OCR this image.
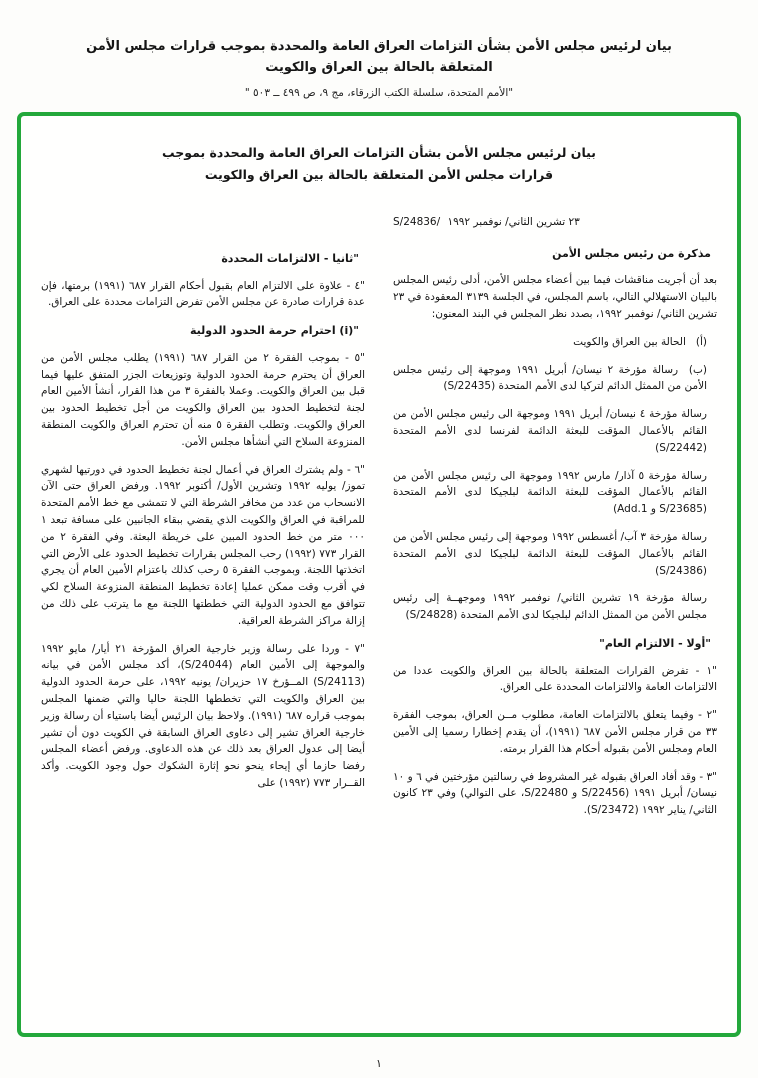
بيان لرئيس مجلس الأمن بشأن التزامات العراق العامة والمحددة بموجب قرارات مجلس الأمن
المتعلقة بالحالة بين العراق والكويت
"الأمم المتحدة، سلسلة الكتب الزرقاء، مج ٩، ص ٤٩٩ ــ ٥٠٣ "
بيان لرئيس مجلس الأمن بشأن التزامات العراق العامة والمحددة بموجب
قرارات مجلس الأمن المتعلقة بالحالة بين العراق والكويت
S/24836/ ٢٣ تشرين الثاني/ نوفمبر ١٩٩٢
مذكرة من رئيس مجلس الأمن

بعد أن أجريت مناقشات فيما بين أعضاء مجلس الأمن، أدلى رئيس المجلس بالبيان الاستهلالي التالي، باسم المجلس، في الجلسة ٣١٣٩ المعقودة في ٢٣ تشرين الثاني/ نوفمبر ١٩٩٢، بصدد نظر المجلس في البند المعنون:

(أ)   الحالة بين العراق والكويت

(ب)  رسالة مؤرخة ٢ نيسان/ أبريل ١٩٩١ وموجهة إلى رئيس مجلس الأمن من الممثل الدائم لتركيا لدى الأمم المتحدة (S/22435)

رسالة مؤرخة ٤ نيسان/ أبريل ١٩٩١ وموجهة الى رئيس مجلس الأمن من القائم بالأعمال المؤقت للبعثة الدائمة لفرنسا لدى الأمم المتحدة (S/22442)

رسالة مؤرخة ٥ آذار/ مارس ١٩٩٢ وموجهة الى رئيس مجلس الأمن من القائم بالأعمال المؤقت للبعثة الدائمة لبلجيكا لدى الأمم المتحدة (S/23685 و Add.1)

رسالة مؤرخة ٣ آب/ أغسطس ١٩٩٢ وموجهة إلى رئيس مجلس الأمن من القائم بالأعمال المؤقت للبعثة الدائمة لبلجيكا لدى الأمم المتحدة (S/24386)

رسالة مؤرخة ١٩ تشرين الثاني/ نوفمبر ١٩٩٢ وموجهــة إلى رئيس مجلس الأمن من الممثل الدائم لبلجيكا لدى الأمم المتحدة (S/24828)

"أولا - الالتزام العام"

"١ - تفرض القرارات المتعلقة بالحالة بين العراق والكويت عددا من الالتزامات العامة والالتزامات المحددة على العراق.

"٢ - وفيما يتعلق بالالتزامات العامة، مطلوب مــن العراق، بموجب الفقرة ٣٣ من قرار مجلس الأمن ٦٨٧ (١٩٩١)، أن يقدم إخطارا رسميا إلى الأمين العام ومجلس الأمن بقبوله أحكام هذا القرار برمته.

"٣ - وقد أفاد العراق بقبوله غير المشروط في رسالتين مؤرختين في ٦ و ١٠ نيسان/ أبريل ١٩٩١ (S/22456 و S/22480، على التوالي) وفي ٢٣ كانون الثاني/ يناير ١٩٩٢ (S/23472).

"ثانيا - الالتزامات المحددة

"٤ - علاوة على الالتزام العام بقبول أحكام القرار ٦٨٧ (١٩٩١) برمتها، فإن عدة قرارات صادرة عن مجلس الأمن تفرض التزامات محددة على العراق.

"(i) احترام حرمة الحدود الدولية

"٥ - بموجب الفقرة ٢ من القرار ٦٨٧ (١٩٩١) يطلب مجلس الأمن من العراق أن يحترم حرمة الحدود الدولية وتوزيعات الجزر المتفق عليها فيما قبل بين العراق والكويت. وعملا بالفقرة ٣ من هذا القرار، أنشأ الأمين العام لجنة لتخطيط الحدود بين العراق والكويت من أجل تخطيط الحدود بين العراق والكويت. وتطلب الفقرة ٥ منه أن تحترم العراق والكويت المنطقة المنزوعة السلاح التي أنشأها مجلس الأمن.

"٦ - ولم يشترك العراق في أعمال لجنة تخطيط الحدود في دورتيها لشهري تموز/ يوليه ١٩٩٢ وتشرين الأول/ أكتوبر ١٩٩٢. ورفض العراق حتى الآن الانسحاب من عدد من مخافر الشرطة التي لا تتمشى مع خط الأمم المتحدة للمراقبة في العراق والكويت الذي يقضي ببقاء الجانبين على مسافة تبعد ١ ٠٠٠ متر من خط الحدود المبين على خريطة البعثة. وفي الفقرة ٢ من القرار ٧٧٣ (١٩٩٢) رحب المجلس بقرارات تخطيط الحدود على الأرض التي اتخذتها اللجنة. وبموجب الفقرة ٥ رحب كذلك باعتزام الأمين العام أن يجري في أقرب وقت ممكن عمليا إعادة تخطيط المنطقة المنزوعة السلاح لكي تتوافق مع الحدود الدولية التي خططتها اللجنة مع ما يترتب على ذلك من إزالة مراكز الشرطة العراقية.

"٧ - وردا على رسالة وزير خارجية العراق المؤرخة ٢١ أيار/ مايو ١٩٩٢ والموجهة إلى الأمين العام (S/24044)، أكد مجلس الأمن في بيانه (S/24113) المــؤرخ ١٧ حزيران/ يونيه ١٩٩٢، على حرمة الحدود الدولية بين العراق والكويت التي تخططها اللجنة حاليا والتي ضمنها المجلس بموجب قراره ٦٨٧ (١٩٩١). ولاحظ بيان الرئيس أيضا باستياء أن رسالة وزير خارجية العراق تشير إلى دعاوى العراق السابقة في الكويت دون أن تشير أيضا إلى عدول العراق بعد ذلك عن هذه الدعاوى. ورفض أعضاء المجلس رفضا حازما أي إيحاء ينحو نحو إثارة الشكوك حول وجود الكويت. وأكد القــرار ٧٧٣ (١٩٩٢) على

١
